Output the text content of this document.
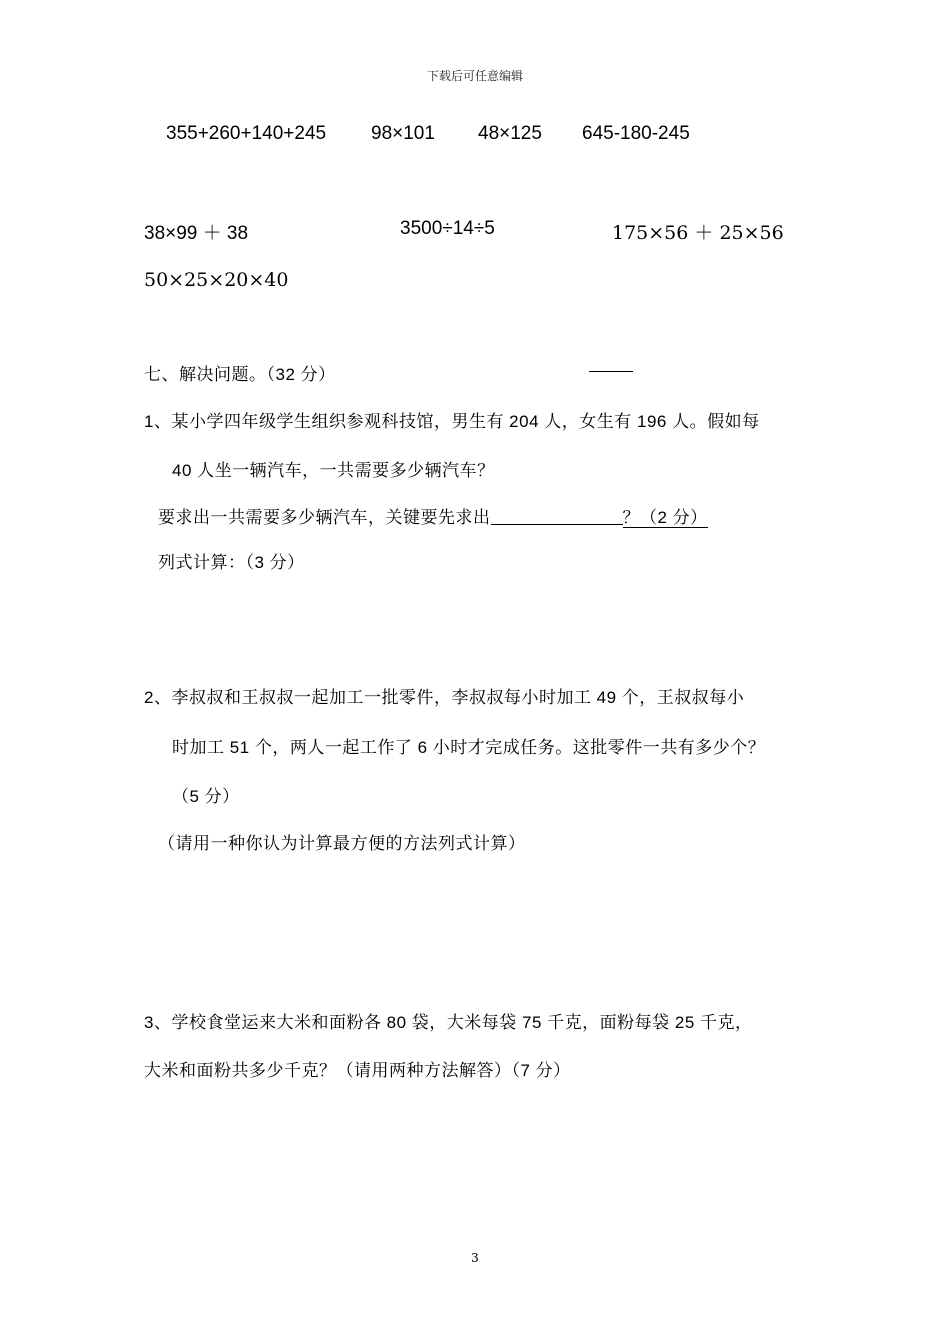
下载后可任意编辑
355+260+140+245 98×101 48×125 645-180-245
38×99 ＋ 38	3500÷14÷5	175×56 ＋ 25×56
50×25×20×40
七、解决问题。（32 分）
1、某小学四年级学生组织参观科技馆，男生有 204 人，女生有 196 人。假如每
40 人坐一辆汽车，一共需要多少辆汽车？
要求出一共需要多少辆汽车，关键要先求出	？（2 分）
列式计算：（3 分）
2、李叔叔和王叔叔一起加工一批零件，李叔叔每小时加工 49 个，王叔叔每小
时加工 51 个，两人一起工作了 6 小时才完成任务。这批零件一共有多少个？
（5 分）
（请用一种你认为计算最方便的方法列式计算）
3、学校食堂运来大米和面粉各 80 袋，大米每袋 75 千克，面粉每袋 25 千克，
大米和面粉共多少千克？（请用两种方法解答）（7 分）
3
